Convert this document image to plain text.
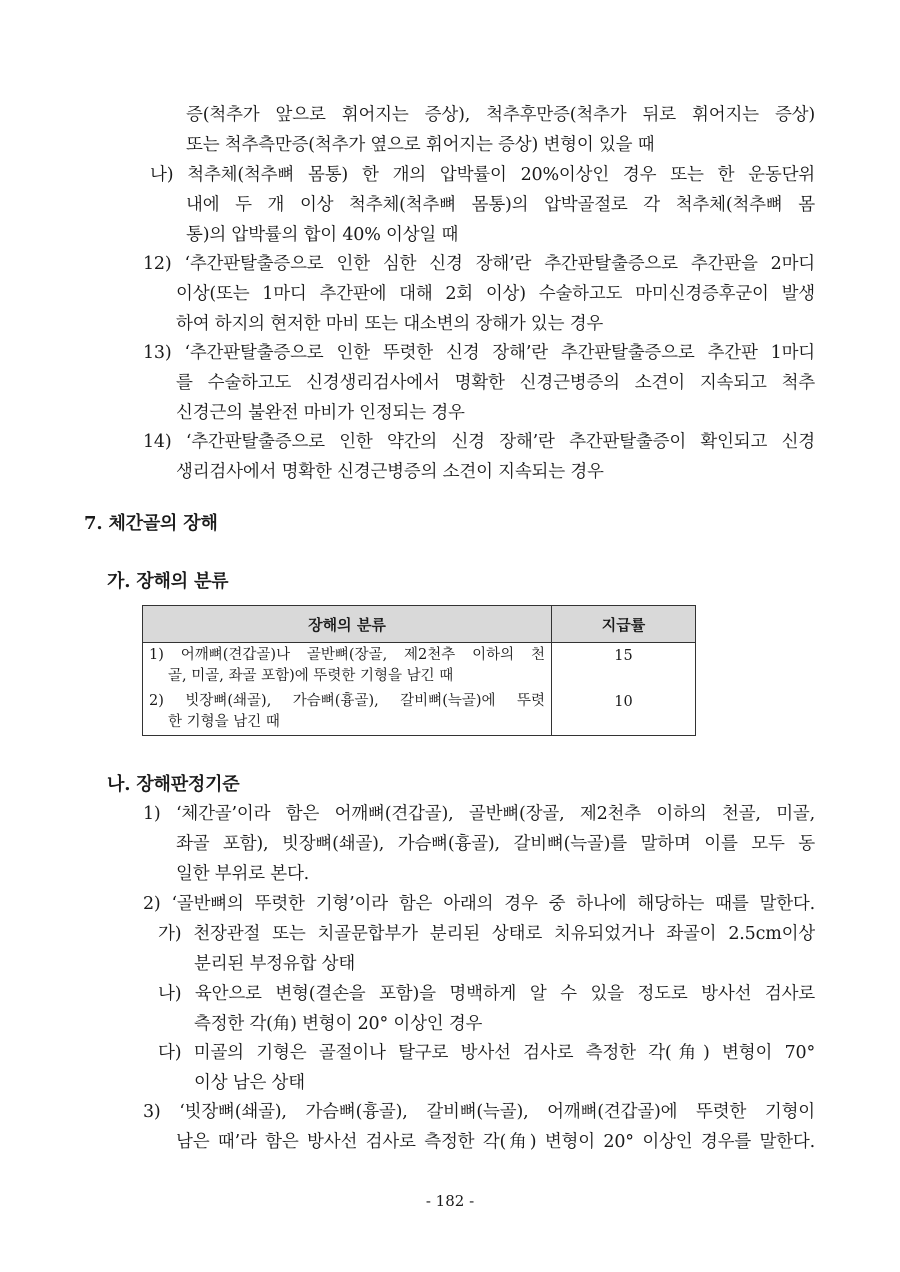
증(척추가 앞으로 휘어지는 증상), 척추후만증(척추가 뒤로 휘어지는 증상)
또는 척추측만증(척추가 옆으로 휘어지는 증상) 변형이 있을 때
나) 척추체(척추뼈 몸통) 한 개의 압박률이 20%이상인 경우 또는 한 운동단위
내에 두 개 이상 척추체(척추뼈 몸통)의 압박골절로 각 척추체(척추뼈 몸
통)의 압박률의 합이 40% 이상일 때
12) ‘추간판탈출증으로 인한 심한 신경 장해’란 추간판탈출증으로 추간판을 2마디
이상(또는 1마디 추간판에 대해 2회 이상) 수술하고도 마미신경증후군이 발생
하여 하지의 현저한 마비 또는 대소변의 장해가 있는 경우
13) ‘추간판탈출증으로 인한 뚜렷한 신경 장해’란 추간판탈출증으로 추간판 1마디
를 수술하고도 신경생리검사에서 명확한 신경근병증의 소견이 지속되고 척추
신경근의 불완전 마비가 인정되는 경우
14) ‘추간판탈출증으로 인한 약간의 신경 장해’란 추간판탈출증이 확인되고 신경
생리검사에서 명확한 신경근병증의 소견이 지속되는 경우
7. 체간골의 장해
가. 장해의 분류
장해의 분류	지급률

1) 어깨뼈(견갑골)나 골반뼈(장골, 제2천추 이하의 천
골, 미골, 좌골 포함)에 뚜렷한 기형을 남긴 때	15

2) 빗장뼈(쇄골), 가슴뼈(흉골), 갈비뼈(늑골)에 뚜렷
한 기형을 남긴 때	10
나. 장해판정기준
1) ‘체간골’이라 함은 어깨뼈(견갑골), 골반뼈(장골, 제2천추 이하의 천골, 미골,
좌골 포함), 빗장뼈(쇄골), 가슴뼈(흉골), 갈비뼈(늑골)를 말하며 이를 모두 동
일한 부위로 본다.
2) ‘골반뼈의 뚜렷한 기형’이라 함은 아래의 경우 중 하나에 해당하는 때를 말한다.
가) 천장관절 또는 치골문합부가 분리된 상태로 치유되었거나 좌골이 2.5cm이상
분리된 부정유합 상태
나) 육안으로 변형(결손을 포함)을 명백하게 알 수 있을 정도로 방사선 검사로
측정한 각(角) 변형이 20° 이상인 경우
다) 미골의 기형은 골절이나 탈구로 방사선 검사로 측정한 각(角) 변형이 70°
이상 남은 상태
3) ‘빗장뼈(쇄골), 가슴뼈(흉골), 갈비뼈(늑골), 어깨뼈(견갑골)에 뚜렷한 기형이
남은 때’라 함은 방사선 검사로 측정한 각(角) 변형이 20° 이상인 경우를 말한다.
- 182 -
